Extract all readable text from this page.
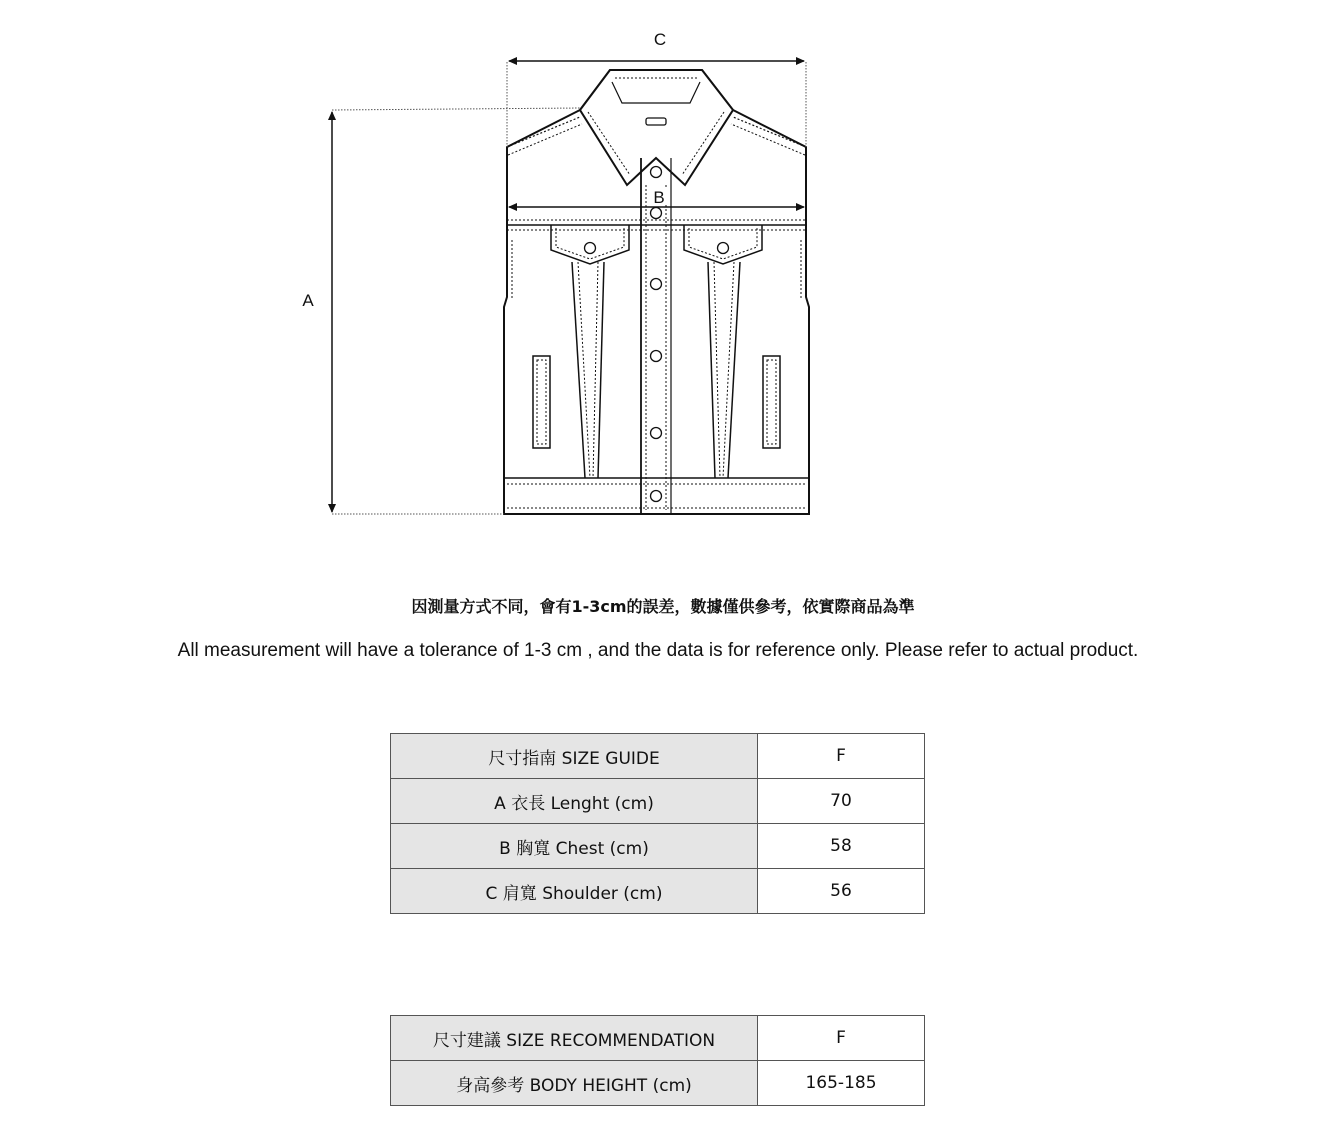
A
B
C
因測量方式不同，會有1-3cm的誤差，數據僅供參考，依實際商品為準
All measurement will have a tolerance of 1-3 cm , and the data is for reference only. Please refer to actual product.
尺寸指南 SIZE GUIDE	F
A 衣長 Lenght (cm)	70
B 胸寬 Chest (cm)	58
C 肩寬 Shoulder (cm)	56
尺寸建議 SIZE RECOMMENDATION	F
身高參考 BODY HEIGHT (cm)	165-185
